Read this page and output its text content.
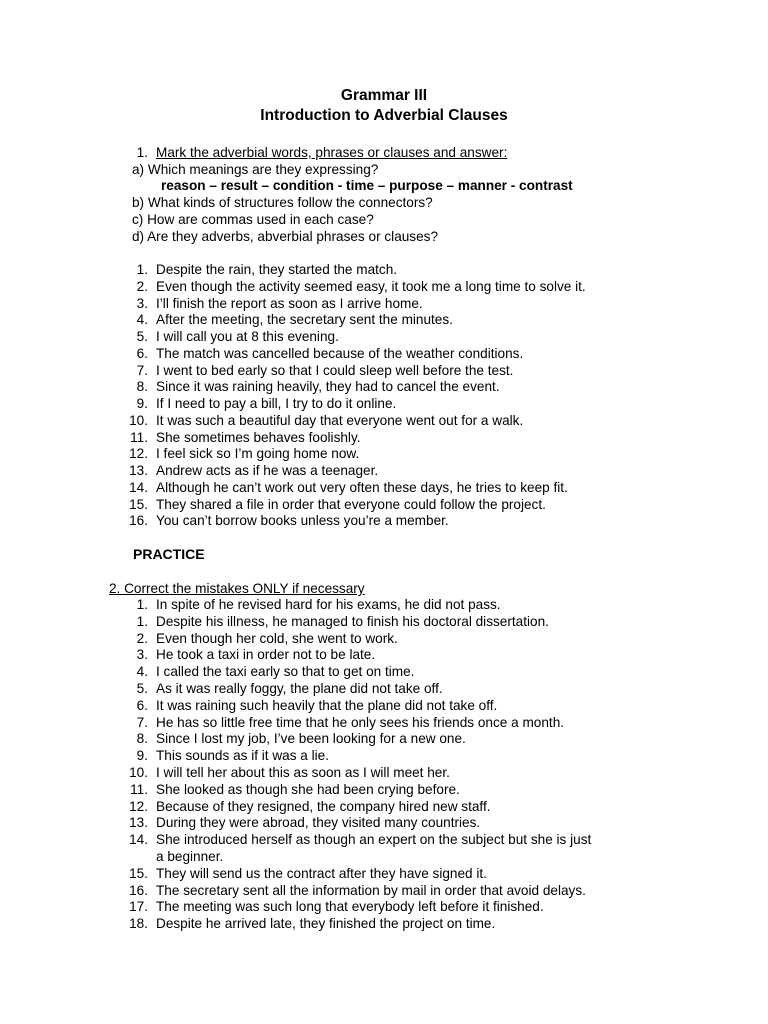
Grammar III
Introduction to Adverbial Clauses
1. Mark the adverbial words, phrases or clauses and answer:
a) Which meanings are they expressing?
reason – result – condition - time – purpose – manner - contrast
b) What kinds of structures follow the connectors?
c) How are commas used in each case?
d) Are they adverbs, abverbial phrases or clauses?
1. Despite the rain, they started the match.
2. Even though the activity seemed easy, it took me a long time to solve it.
3. I’ll finish the report as soon as I arrive home.
4. After the meeting, the secretary sent the minutes.
5. I will call you at 8 this evening.
6. The match was cancelled because of the weather conditions.
7. I went to bed early so that I could sleep well before the test.
8. Since it was raining heavily, they had to cancel the event.
9. If I need to pay a bill, I try to do it online.
10. It was such a beautiful day that everyone went out for a walk.
11. She sometimes behaves foolishly.
12. I feel sick so I’m going home now.
13. Andrew acts as if he was a teenager.
14. Although he can’t work out very often these days, he tries to keep fit.
15. They shared a file in order that everyone could follow the project.
16. You can’t borrow books unless you’re a member.
PRACTICE
2. Correct the mistakes ONLY if necessary
1. In spite of he revised hard for his exams, he did not pass.
1. Despite his illness, he managed to finish his doctoral dissertation.
2. Even though her cold, she went to work.
3. He took a taxi in order not to be late.
4. I called the taxi early so that to get on time.
5. As it was really foggy, the plane did not take off.
6. It was raining such heavily that the plane did not take off.
7. He has so little free time that he only sees his friends once a month.
8. Since I lost my job, I’ve been looking for a new one.
9. This sounds as if it was a lie.
10. I will tell her about this as soon as I will meet her.
11. She looked as though she had been crying before.
12. Because of they resigned, the company hired new staff.
13. During they were abroad, they visited many countries.
14. She introduced herself as though an expert on the subject but she is just
a beginner.
15. They will send us the contract after they have signed it.
16. The secretary sent all the information by mail in order that avoid delays.
17. The meeting was such long that everybody left before it finished.
18. Despite he arrived late, they finished the project on time.
